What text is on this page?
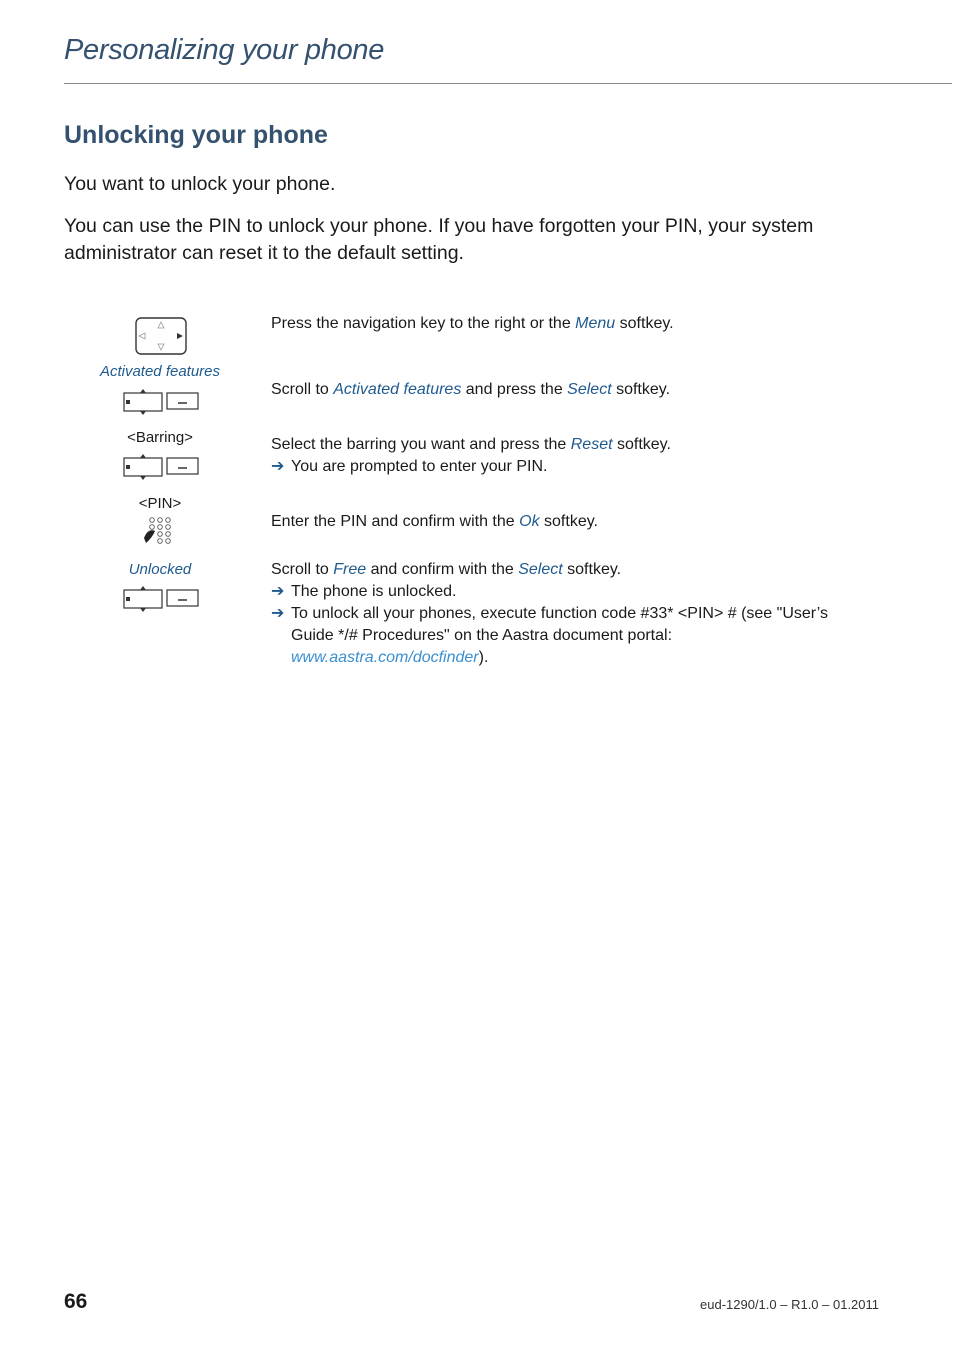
Personalizing your phone
Unlocking your phone
You want to unlock your phone.
You can use the PIN to unlock your phone. If you have forgotten your PIN, your system administrator can reset it to the default setting.
Activated features
<Barring>
<PIN>
Unlocked
Press the navigation key to the right or the Menu softkey.
Scroll to Activated features and press the Select softkey.
Select the barring you want and press the Reset softkey.
➔ You are prompted to enter your PIN.
Enter the PIN and confirm with the Ok softkey.
Scroll to Free and confirm with the Select softkey.
➔ The phone is unlocked.
➔ To unlock all your phones, execute function code #33* <PIN> # (see "User’s Guide */# Procedures" on the Aastra document portal: www.aastra.com/docfinder).
66	eud-1290/1.0 – R1.0 – 01.2011
